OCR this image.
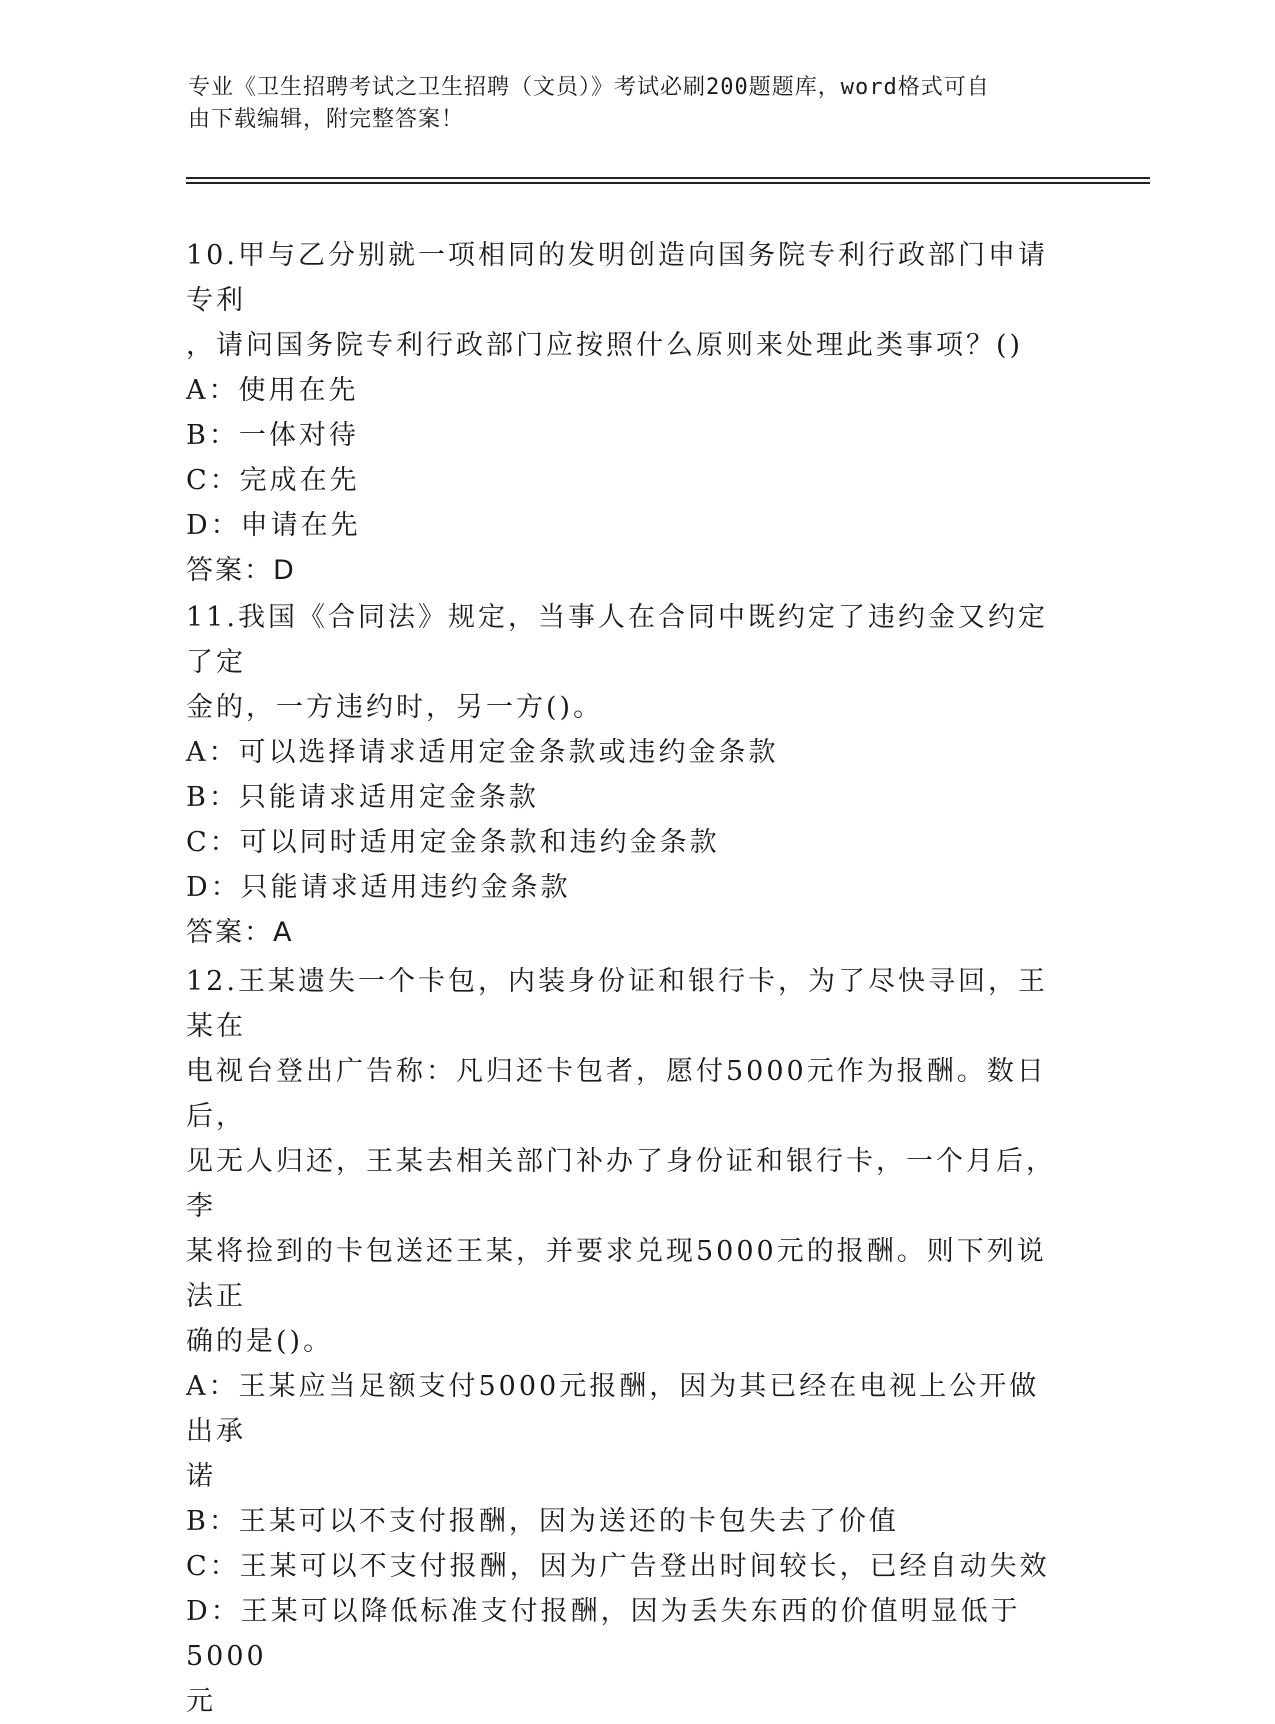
专业《卫生招聘考试之卫生招聘（文员）》考试必刷200题题库，word格式可自
由下载编辑，附完整答案！

10.甲与乙分别就一项相同的发明创造向国务院专利行政部门申请专利

，请问国务院专利行政部门应按照什么原则来处理此类事项？()

A：使用在先

B：一体对待

C：完成在先

D：申请在先

答案：D

11.我国《合同法》规定，当事人在合同中既约定了违约金又约定了定

金的，一方违约时，另一方()。

A：可以选择请求适用定金条款或违约金条款

B：只能请求适用定金条款

C：可以同时适用定金条款和违约金条款

D：只能请求适用违约金条款

答案：A

12.王某遗失一个卡包，内装身份证和银行卡，为了尽快寻回，王某在

电视台登出广告称：凡归还卡包者，愿付5000元作为报酬。数日后，

见无人归还，王某去相关部门补办了身份证和银行卡，一个月后，李

某将捡到的卡包送还王某，并要求兑现5000元的报酬。则下列说法正

确的是()。

A：王某应当足额支付5000元报酬，因为其已经在电视上公开做出承

诺

B：王某可以不支付报酬，因为送还的卡包失去了价值

C：王某可以不支付报酬，因为广告登出时间较长，已经自动失效

D：王某可以降低标准支付报酬，因为丢失东西的价值明显低于5000

元
